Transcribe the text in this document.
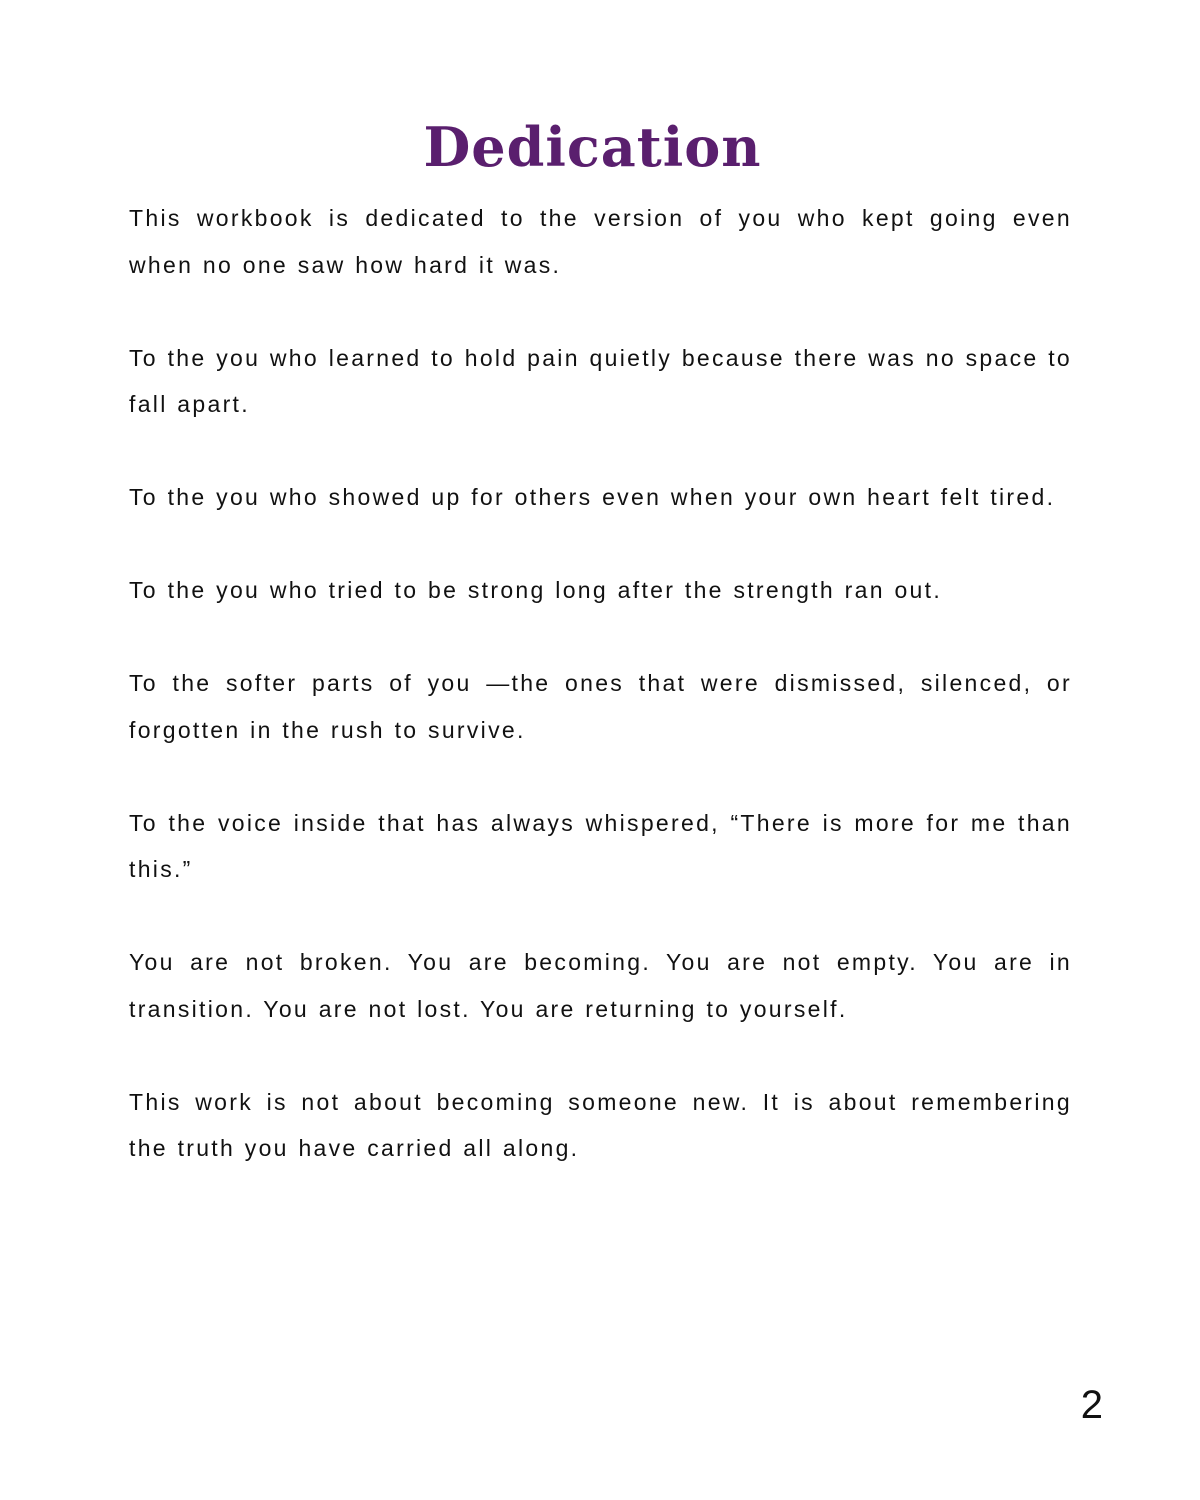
Dedication

This workbook is dedicated to the version of you who kept going even when no one saw how hard it was.

To the you who learned to hold pain quietly because there was no space to fall apart.

To the you who showed up for others even when your own heart felt tired.

To the you who tried to be strong long after the strength ran out.

To the softer parts of you —the ones that were dismissed, silenced, or forgotten in the rush to survive.

To the voice inside that has always whispered, “There is more for me than this.”

You are not broken. You are becoming. You are not empty. You are in transition. You are not lost. You are returning to yourself.

This work is not about becoming someone new. It is about remembering the truth you have carried all along.

2
